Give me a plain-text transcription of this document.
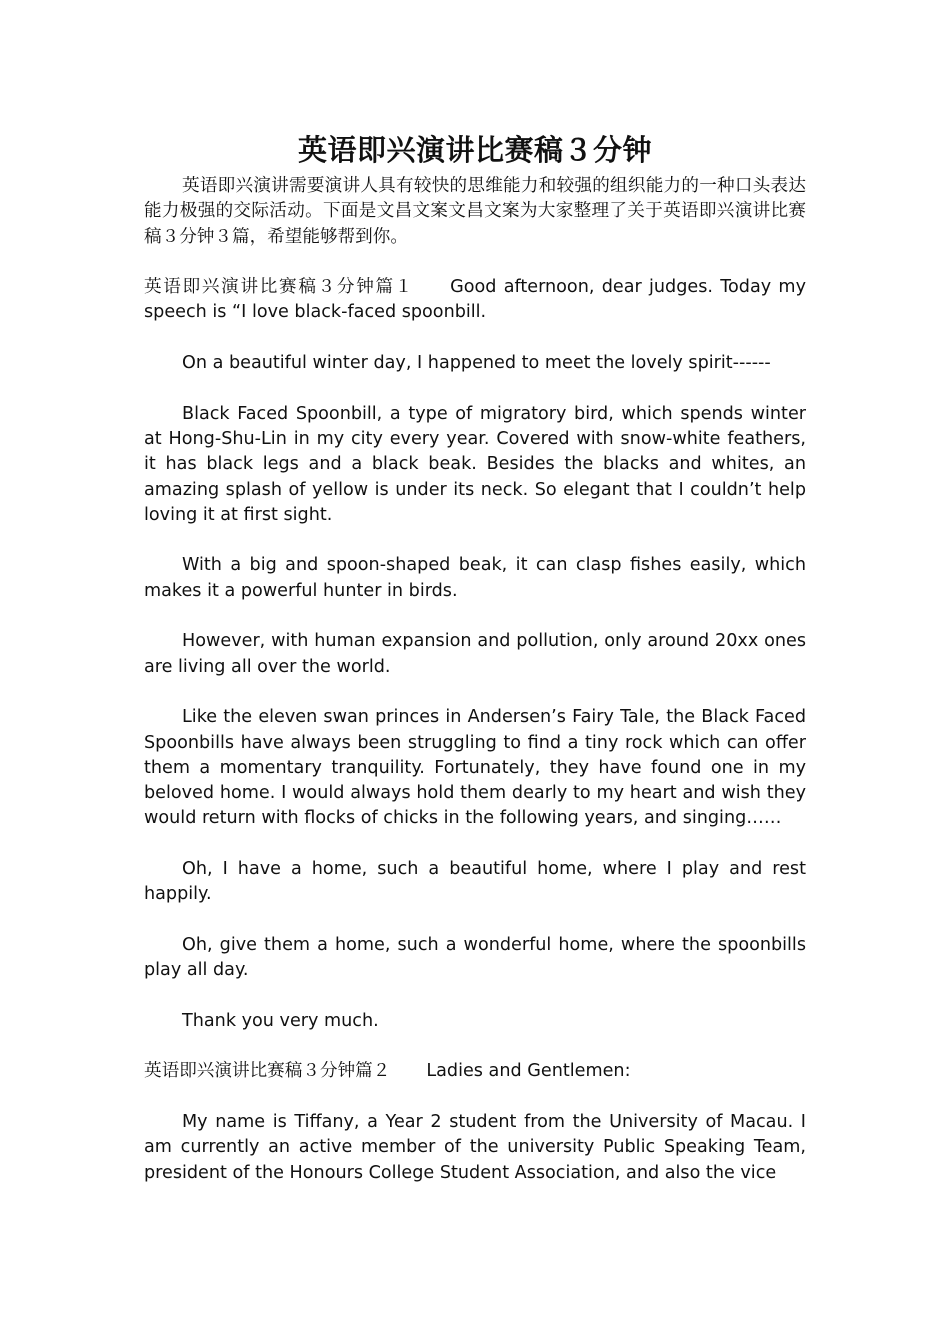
英语即兴演讲比赛稿３分钟

英语即兴演讲需要演讲人具有较快的思维能力和较强的组织能力的一种口头表达能力极强的交际活动。下面是文昌文案文昌文案为大家整理了关于英语即兴演讲比赛稿３分钟３篇，希望能够帮到你。

英语即兴演讲比赛稿３分钟篇１ Good afternoon, dear judges. Today my speech is “I love black-faced spoonbill.

On a beautiful winter day, I happened to meet the lovely spirit------

Black Faced Spoonbill, a type of migratory bird, which spends winter at Hong-Shu-Lin in my city every year. Covered with snow-white feathers, it has black legs and a black beak. Besides the blacks and whites, an amazing splash of yellow is under its neck. So elegant that I couldn’t help loving it at first sight.

With a big and spoon-shaped beak, it can clasp fishes easily, which makes it a powerful hunter in birds.

However, with human expansion and pollution, only around 20xx ones are living all over the world.

Like the eleven swan princes in Andersen’s Fairy Tale, the Black Faced Spoonbills have always been struggling to find a tiny rock which can offer them a momentary tranquility. Fortunately, they have found one in my beloved home. I would always hold them dearly to my heart and wish they would return with flocks of chicks in the following years, and singing……

Oh, I have a home, such a beautiful home, where I play and rest happily.

Oh, give them a home, such a wonderful home, where the spoonbills play all day.

Thank you very much.

英语即兴演讲比赛稿３分钟篇２ Ladies and Gentlemen:

My name is Tiffany, a Year 2 student from the University of Macau. I am currently an active member of the university Public Speaking Team, president of the Honours College Student Association, and also the vice
